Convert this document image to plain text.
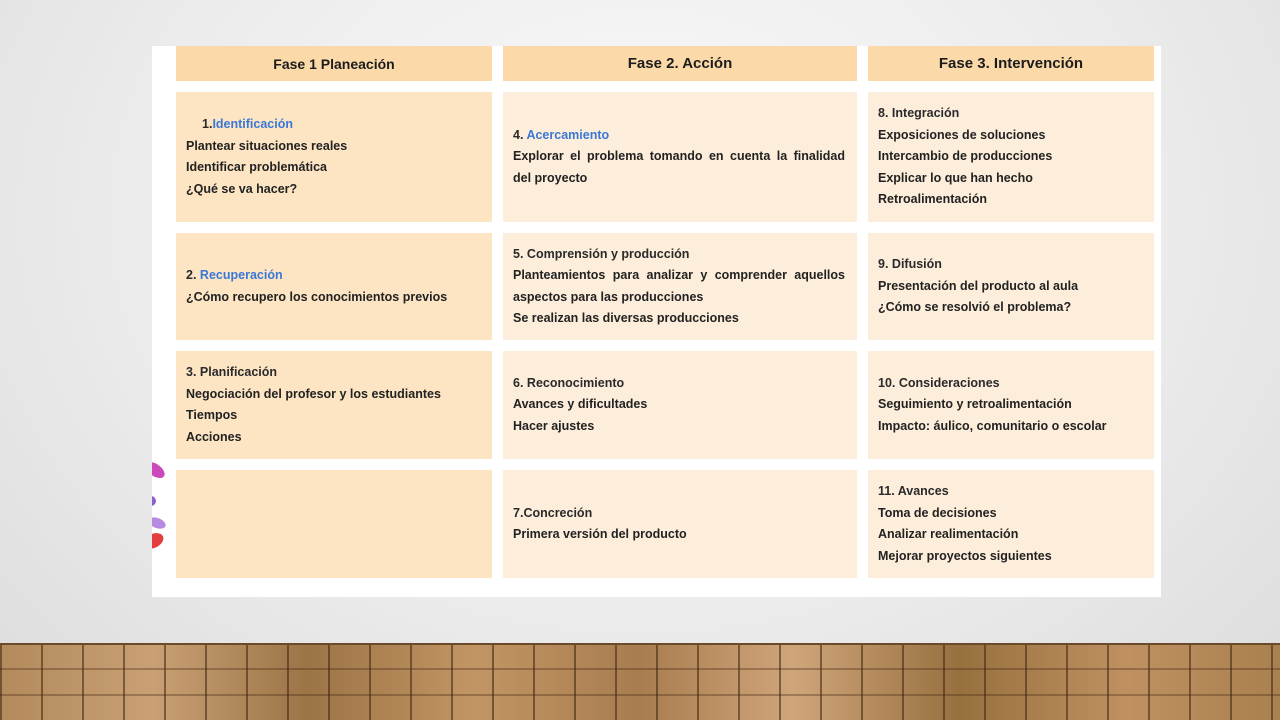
Fase 1 Planeación	Fase 2. Acción	Fase 3. Intervención
1.Identificación
Plantear situaciones reales
Identificar problemática
¿Qué se va hacer?
2. Recuperación
¿Cómo recupero los conocimientos previos
3. Planificación
Negociación del profesor y los estudiantes
Tiempos
Acciones
4. Acercamiento
Explorar el problema tomando en cuenta la finalidad del proyecto
5. Comprensión y producción
Planteamientos para analizar y comprender aquellos aspectos para las producciones
Se realizan las diversas producciones
6. Reconocimiento
Avances y dificultades
Hacer ajustes
7.Concreción
Primera versión del producto
8. Integración
Exposiciones de soluciones
Intercambio de producciones
Explicar lo que han hecho
Retroalimentación
9. Difusión
Presentación del producto al aula
¿Cómo se resolvió el problema?
10. Consideraciones
Seguimiento y retroalimentación
Impacto: áulico, comunitario o escolar
11. Avances
Toma de decisiones
Analizar realimentación
Mejorar proyectos siguientes
